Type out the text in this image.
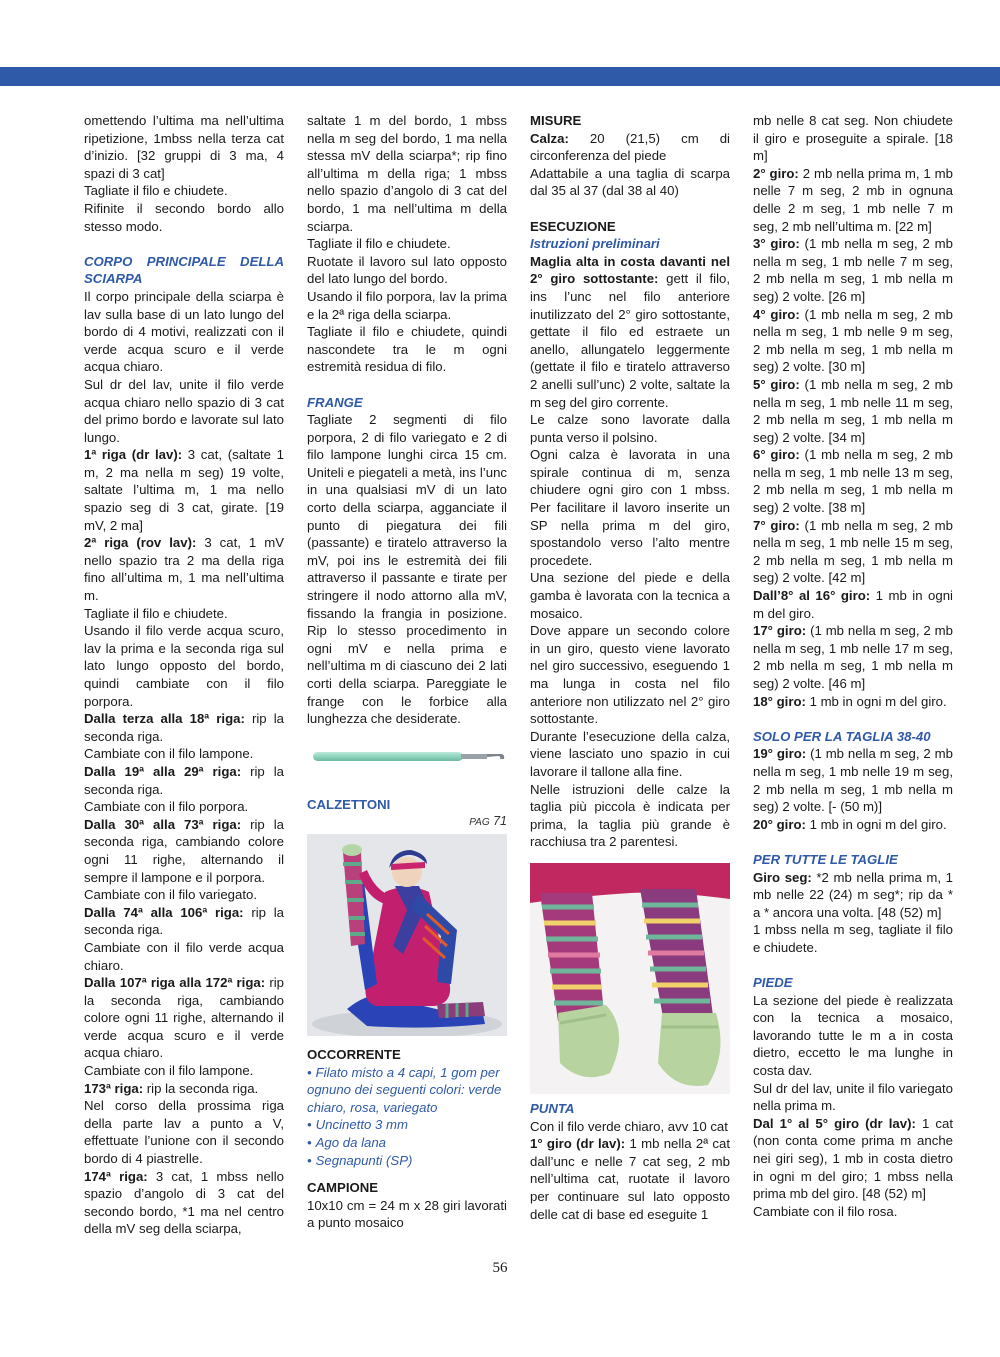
omettendo l’ultima ma nell’ultima ripetizione, 1mbss nella terza cat d’inizio. [32 gruppi di 3 ma, 4 spazi di 3 cat]

Tagliate il filo e chiudete.

Rifinite il secondo bordo allo stesso modo.

CORPO PRINCIPALE DELLA SCIARPA

Il corpo principale della sciarpa è lav sulla base di un lato lungo del bordo di 4 motivi, realizzati con il verde acqua scuro e il verde acqua chiaro.

Sul dr del lav, unite il filo verde acqua chiaro nello spazio di 3 cat del primo bordo e lavorate sul lato lungo.

1ª riga (dr lav): 3 cat, (saltate 1 m, 2 ma nella m seg) 19 volte, saltate l’ultima m, 1 ma nello spazio seg di 3 cat, girate. [19 mV, 2 ma]

2ª riga (rov lav): 3 cat, 1 mV nello spazio tra 2 ma della riga fino all’ultima m, 1 ma nell’ultima m.

Tagliate il filo e chiudete.

Usando il filo verde acqua scuro, lav la prima e la seconda riga sul lato lungo opposto del bordo, quindi cambiate con il filo porpora.

Dalla terza alla 18ª riga: rip la seconda riga.

Cambiate con il filo lampone.

Dalla 19ª alla 29ª riga: rip la seconda riga.

Cambiate con il filo porpora.

Dalla 30ª alla 73ª riga: rip la seconda riga, cambiando colore ogni 11 righe, alternando il sempre il lampone e il porpora.

Cambiate con il filo variegato.

Dalla 74ª alla 106ª riga: rip la seconda riga.

Cambiate con il filo verde acqua chiaro.

Dalla 107ª riga alla 172ª riga: rip la seconda riga, cambiando colore ogni 11 righe, alternando il verde acqua scuro e il verde acqua chiaro.

Cambiate con il filo lampone.

173ª riga: rip la seconda riga.

Nel corso della prossima riga della parte lav a punto a V, effettuate l’unione con il secondo bordo di 4 piastrelle.

174ª riga: 3 cat, 1 mbss nello spazio d’angolo di 3 cat del secondo bordo, *1 ma nel centro della mV seg della sciarpa,

saltate 1 m del bordo, 1 mbss nella m seg del bordo, 1 ma nella stessa mV della sciarpa*; rip fino all’ultima m della riga; 1 mbss nello spazio d’angolo di 3 cat del bordo, 1 ma nell’ultima m della sciarpa.

Tagliate il filo e chiudete.

Ruotate il lavoro sul lato opposto del lato lungo del bordo.

Usando il filo porpora, lav la prima e la 2ª riga della sciarpa.

Tagliate il filo e chiudete, quindi nascondete tra le m ogni estremità residua di filo.

FRANGE

Tagliate 2 segmenti di filo porpora, 2 di filo variegato e 2 di filo lampone lunghi circa 15 cm. Uniteli e piegateli a metà, ins l’unc in una qualsiasi mV di un lato corto della sciarpa, agganciate il punto di piegatura dei fili (passante) e tiratelo attraverso la mV, poi ins le estremità dei fili attraverso il passante e tirate per stringere il nodo attorno alla mV, fissando la frangia in posizione. Rip lo stesso procedimento in ogni mV e nella prima e nell’ultima m di ciascuno dei 2 lati corti della sciarpa. Pareggiate le frange con le forbice alla lunghezza che desiderate.

CALZETTONI

PAG 71

OCCORRENTE

• Filato misto a 4 capi, 1 gom per ognuno dei seguenti colori: verde chiaro, rosa, variegato

• Uncinetto 3 mm

• Ago da lana

• Segnapunti (SP)

CAMPIONE

10x10 cm = 24 m x 28 giri lavorati a punto mosaico

MISURE

Calza: 20 (21,5) cm di circonferenza del piede

Adattabile a una taglia di scarpa dal 35 al 37 (dal 38 al 40)

ESECUZIONE

Istruzioni preliminari

Maglia alta in costa davanti nel 2° giro sottostante: gett il filo, ins l’unc nel filo anteriore inutilizzato del 2° giro sottostante, gettate il filo ed estraete un anello, allungatelo leggermente (gettate il filo e tiratelo attraverso 2 anelli sull’unc) 2 volte, saltate la m seg del giro corrente.

Le calze sono lavorate dalla punta verso il polsino.

Ogni calza è lavorata in una spirale continua di m, senza chiudere ogni giro con 1 mbss. Per facilitare il lavoro inserite un SP nella prima m del giro, spostandolo verso l’alto mentre procedete.

Una sezione del piede e della gamba è lavorata con la tecnica a mosaico.

Dove appare un secondo colore in un giro, questo viene lavorato nel giro successivo, eseguendo 1 ma lunga in costa nel filo anteriore non utilizzato nel 2° giro sottostante.

Durante l’esecuzione della calza, viene lasciato uno spazio in cui lavorare il tallone alla fine.

Nelle istruzioni delle calze la taglia più piccola è indicata per prima, la taglia più grande è racchiusa tra 2 parentesi.

PUNTA

Con il filo verde chiaro, avv 10 cat

1° giro (dr lav): 1 mb nella 2ª cat dall’unc e nelle 7 cat seg, 2 mb nell’ultima cat, ruotate il lavoro per continuare sul lato opposto delle cat di base ed eseguite 1

mb nelle 8 cat seg. Non chiudete il giro e proseguite a spirale. [18 m]

2° giro: 2 mb nella prima m, 1 mb nelle 7 m seg, 2 mb in ognuna delle 2 m seg, 1 mb nelle 7 m seg, 2 mb nell’ultima m. [22 m]

3° giro: (1 mb nella m seg, 2 mb nella m seg, 1 mb nelle 7 m seg, 2 mb nella m seg, 1 mb nella m seg) 2 volte. [26 m]

4° giro: (1 mb nella m seg, 2 mb nella m seg, 1 mb nelle 9 m seg, 2 mb nella m seg, 1 mb nella m seg) 2 volte. [30 m]

5° giro: (1 mb nella m seg, 2 mb nella m seg, 1 mb nelle 11 m seg, 2 mb nella m seg, 1 mb nella m seg) 2 volte. [34 m]

6° giro: (1 mb nella m seg, 2 mb nella m seg, 1 mb nelle 13 m seg, 2 mb nella m seg, 1 mb nella m seg) 2 volte. [38 m]

7° giro: (1 mb nella m seg, 2 mb nella m seg, 1 mb nelle 15 m seg, 2 mb nella m seg, 1 mb nella m seg) 2 volte. [42 m]

Dall’8° al 16° giro: 1 mb in ogni m del giro.

17° giro: (1 mb nella m seg, 2 mb nella m seg, 1 mb nelle 17 m seg, 2 mb nella m seg, 1 mb nella m seg) 2 volte. [46 m]

18° giro: 1 mb in ogni m del giro.

SOLO PER LA TAGLIA 38-40

19° giro: (1 mb nella m seg, 2 mb nella m seg, 1 mb nelle 19 m seg, 2 mb nella m seg, 1 mb nella m seg) 2 volte. [- (50 m)]

20° giro: 1 mb in ogni m del giro.

PER TUTTE LE TAGLIE

Giro seg: *2 mb nella prima m, 1 mb nelle 22 (24) m seg*; rip da * a * ancora una volta. [48 (52) m]

1 mbss nella m seg, tagliate il filo e chiudete.

PIEDE

La sezione del piede è realizzata con la tecnica a mosaico, lavorando tutte le m a in costa dietro, eccetto le ma lunghe in costa dav.

Sul dr del lav, unite il filo variegato nella prima m.

Dal 1° al 5° giro (dr lav): 1 cat (non conta come prima m anche nei giri seg), 1 mb in costa dietro in ogni m del giro; 1 mbss nella prima mb del giro. [48 (52) m]

Cambiate con il filo rosa.

56
